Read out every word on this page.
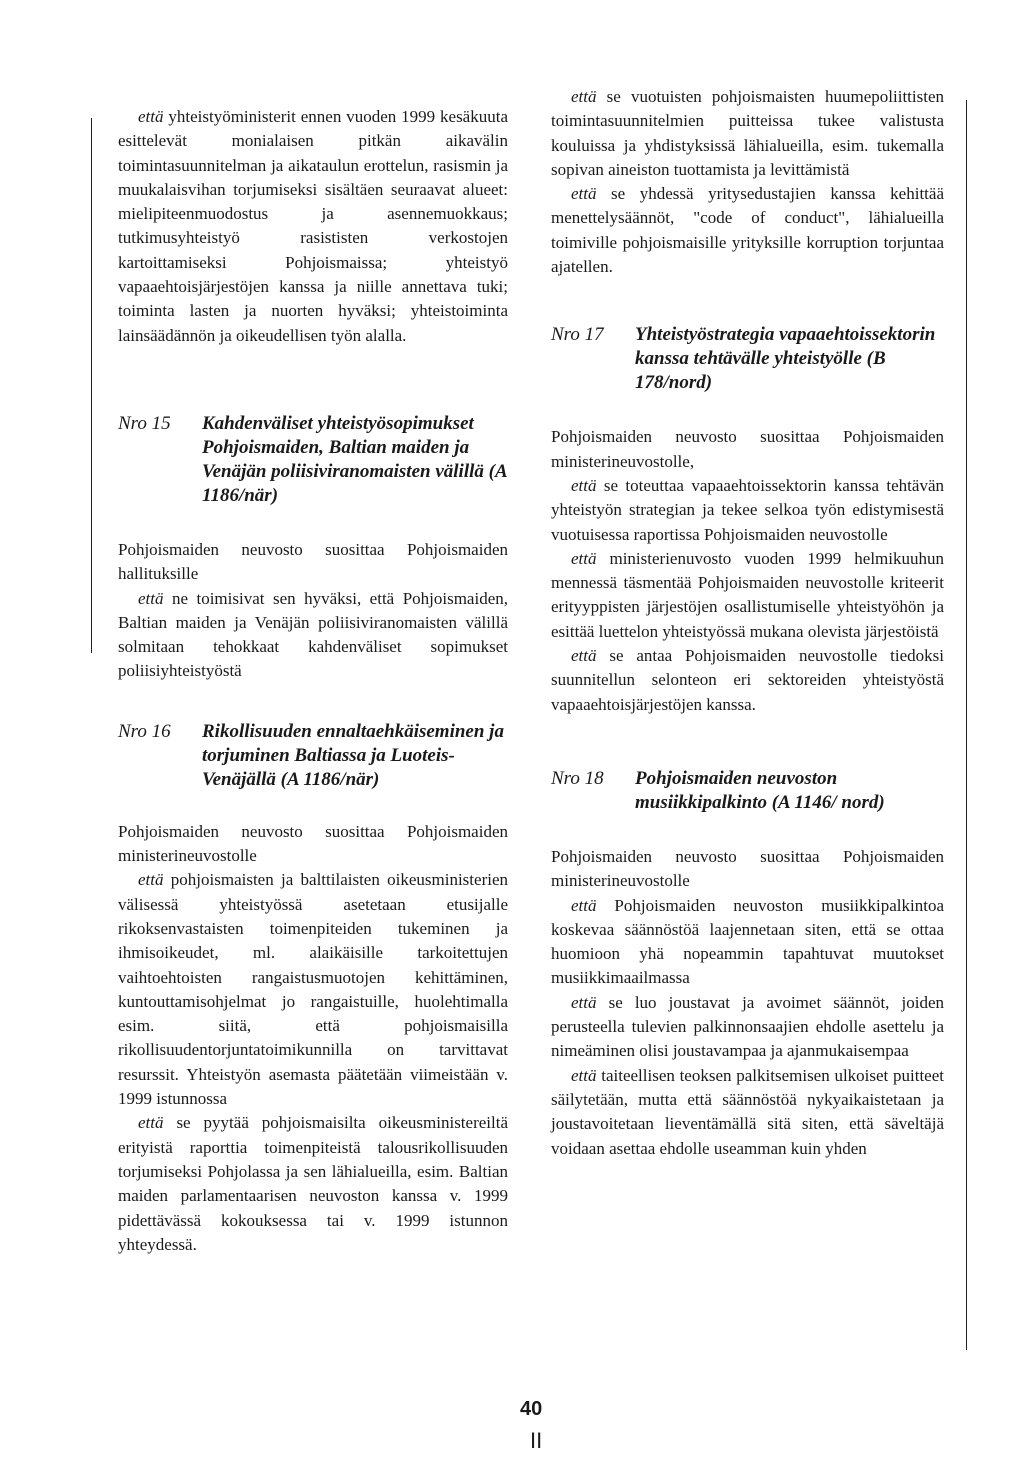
että yhteistyöministerit ennen vuoden 1999 kesäkuuta esittelevät monialaisen pitkän aikavälin toimintasuunnitelman ja aikataulun erottelun, rasismin ja muukalaisvihan torjumiseksi sisältäen seuraavat alueet: mielipiteenmuodostus ja asennemuokkaus; tutkimusyhteistyö rasististen verkostojen kartoittamiseksi Pohjoismaissa; yhteistyö vapaaehtoisjärjestöjen kanssa ja niille annettava tuki; toiminta lasten ja nuorten hyväksi; yhteistoiminta lainsäädännön ja oikeudellisen työn alalla.

Nro 15	Kahdenväliset yhteistyösopimukset Pohjoismaiden, Baltian maiden ja Venäjän poliisiviranomaisten välillä (A 1186/när)

Pohjoismaiden neuvosto suosittaa Pohjoismaiden hallituksille

että ne toimisivat sen hyväksi, että Pohjoismaiden, Baltian maiden ja Venäjän poliisiviranomaisten välillä solmitaan tehokkaat kahdenväliset sopimukset poliisiyhteistyöstä

Nro 16	Rikollisuuden ennaltaehkäiseminen ja torjuminen Baltiassa ja Luoteis-Venäjällä (A 1186/när)

Pohjoismaiden neuvosto suosittaa Pohjoismaiden ministerineuvostolle

että pohjoismaisten ja balttilaisten oikeusministerien välisessä yhteistyössä asetetaan etusijalle rikoksenvastaisten toimenpiteiden tukeminen ja ihmisoikeudet, ml. alaikäisille tarkoitettujen vaihtoehtoisten rangaistusmuotojen kehittäminen, kuntouttamisohjelmat jo rangaistuille, huolehtimalla esim. siitä, että pohjoismaisilla rikollisuudentorjuntatoimikunnilla on tarvittavat resurssit. Yhteistyön asemasta päätetään viimeistään v. 1999 istunnossa

että se pyytää pohjoismaisilta oikeusministereiltä erityistä raporttia toimenpiteistä talousrikollisuuden torjumiseksi Pohjolassa ja sen lähialueilla, esim. Baltian maiden parlamentaarisen neuvoston kanssa v. 1999 pidettävässä kokouksessa tai v. 1999 istunnon yhteydessä.

että se vuotuisten pohjoismaisten huumepoliittisten toimintasuunnitelmien puitteissa tukee valistusta kouluissa ja yhdistyksissä lähialueilla, esim. tukemalla sopivan aineiston tuottamista ja levittämistä

että se yhdessä yritysedustajien kanssa kehittää menettelysäännöt, "code of conduct", lähialueilla toimiville pohjoismaisille yrityksille korruption torjuntaa ajatellen.

Nro 17	Yhteistyöstrategia vapaaehtoissektorin kanssa tehtävälle yhteistyölle (B 178/nord)

Pohjoismaiden neuvosto suosittaa Pohjoismaiden ministerineuvostolle,

että se toteuttaa vapaaehtoissektorin kanssa tehtävän yhteistyön strategian ja tekee selkoa työn edistymisestä vuotuisessa raportissa Pohjoismaiden neuvostolle

että ministerienuvosto vuoden 1999 helmikuuhun mennessä täsmentää Pohjoismaiden neuvostolle kriteerit erityyppisten järjestöjen osallistumiselle yhteistyöhön ja esittää luettelon yhteistyössä mukana olevista järjestöistä

että se antaa Pohjoismaiden neuvostolle tiedoksi suunnitellun selonteon eri sektoreiden yhteistyöstä vapaaehtoisjärjestöjen kanssa.

Nro 18	Pohjoismaiden neuvoston musiikkipalkinto (A 1146/ nord)

Pohjoismaiden neuvosto suosittaa Pohjoismaiden ministerineuvostolle

että Pohjoismaiden neuvoston musiikkipalkintoa koskevaa säännöstöä laajennetaan siten, että se ottaa huomioon yhä nopeammin tapahtuvat muutokset musiikkimaailmassa

että se luo joustavat ja avoimet säännöt, joiden perusteella tulevien palkinnonsaajien ehdolle asettelu ja nimeäminen olisi joustavampaa ja ajanmukaisempaa

että taiteellisen teoksen palkitsemisen ulkoiset puitteet säilytetään, mutta että säännöstöä nykyaikaistetaan ja joustavoitetaan lieventämällä sitä siten, että säveltäjä voidaan asettaa ehdolle useamman kuin yhden

40
II
